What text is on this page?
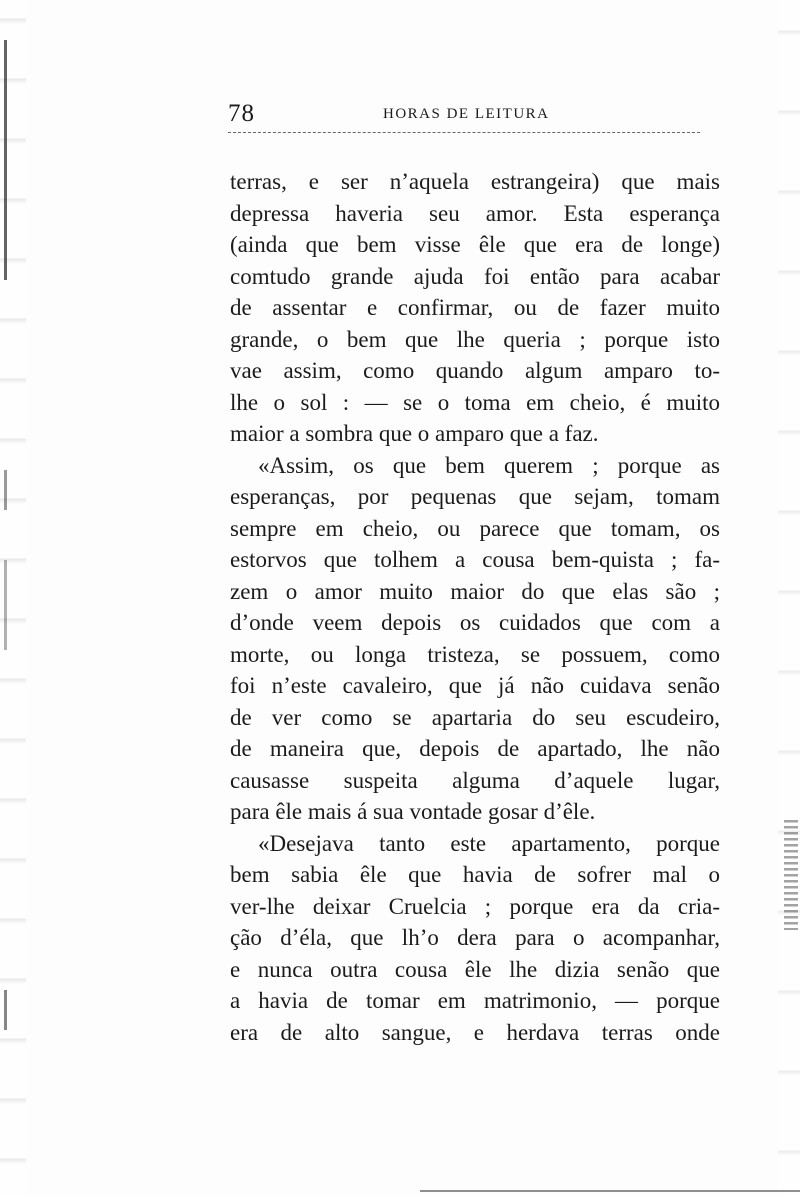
78	HORAS DE LEITURA
terras, e ser n’aquela estrangeira) que mais
depressa haveria seu amor. Esta esperança
(ainda que bem visse êle que era de longe)
comtudo grande ajuda foi então para acabar
de assentar e confirmar, ou de fazer muito
grande, o bem que lhe queria ; porque isto
vae assim, como quando algum amparo to-
lhe o sol : — se o toma em cheio, é muito
maior a sombra que o amparo que a faz.
«Assim, os que bem querem ; porque as
esperanças, por pequenas que sejam, tomam
sempre em cheio, ou parece que tomam, os
estorvos que tolhem a cousa bem-quista ; fa-
zem o amor muito maior do que elas são ;
d’onde veem depois os cuidados que com a
morte, ou longa tristeza, se possuem, como
foi n’este cavaleiro, que já não cuidava senão
de ver como se apartaria do seu escudeiro,
de maneira que, depois de apartado, lhe não
causasse suspeita alguma d’aquele lugar,
para êle mais á sua vontade gosar d’êle.
«Desejava tanto este apartamento, porque
bem sabia êle que havia de sofrer mal o
ver-lhe deixar Cruelcia ; porque era da cria-
ção d’éla, que lh’o dera para o acompanhar,
e nunca outra cousa êle lhe dizia senão que
a havia de tomar em matrimonio, — porque
era de alto sangue, e herdava terras onde
